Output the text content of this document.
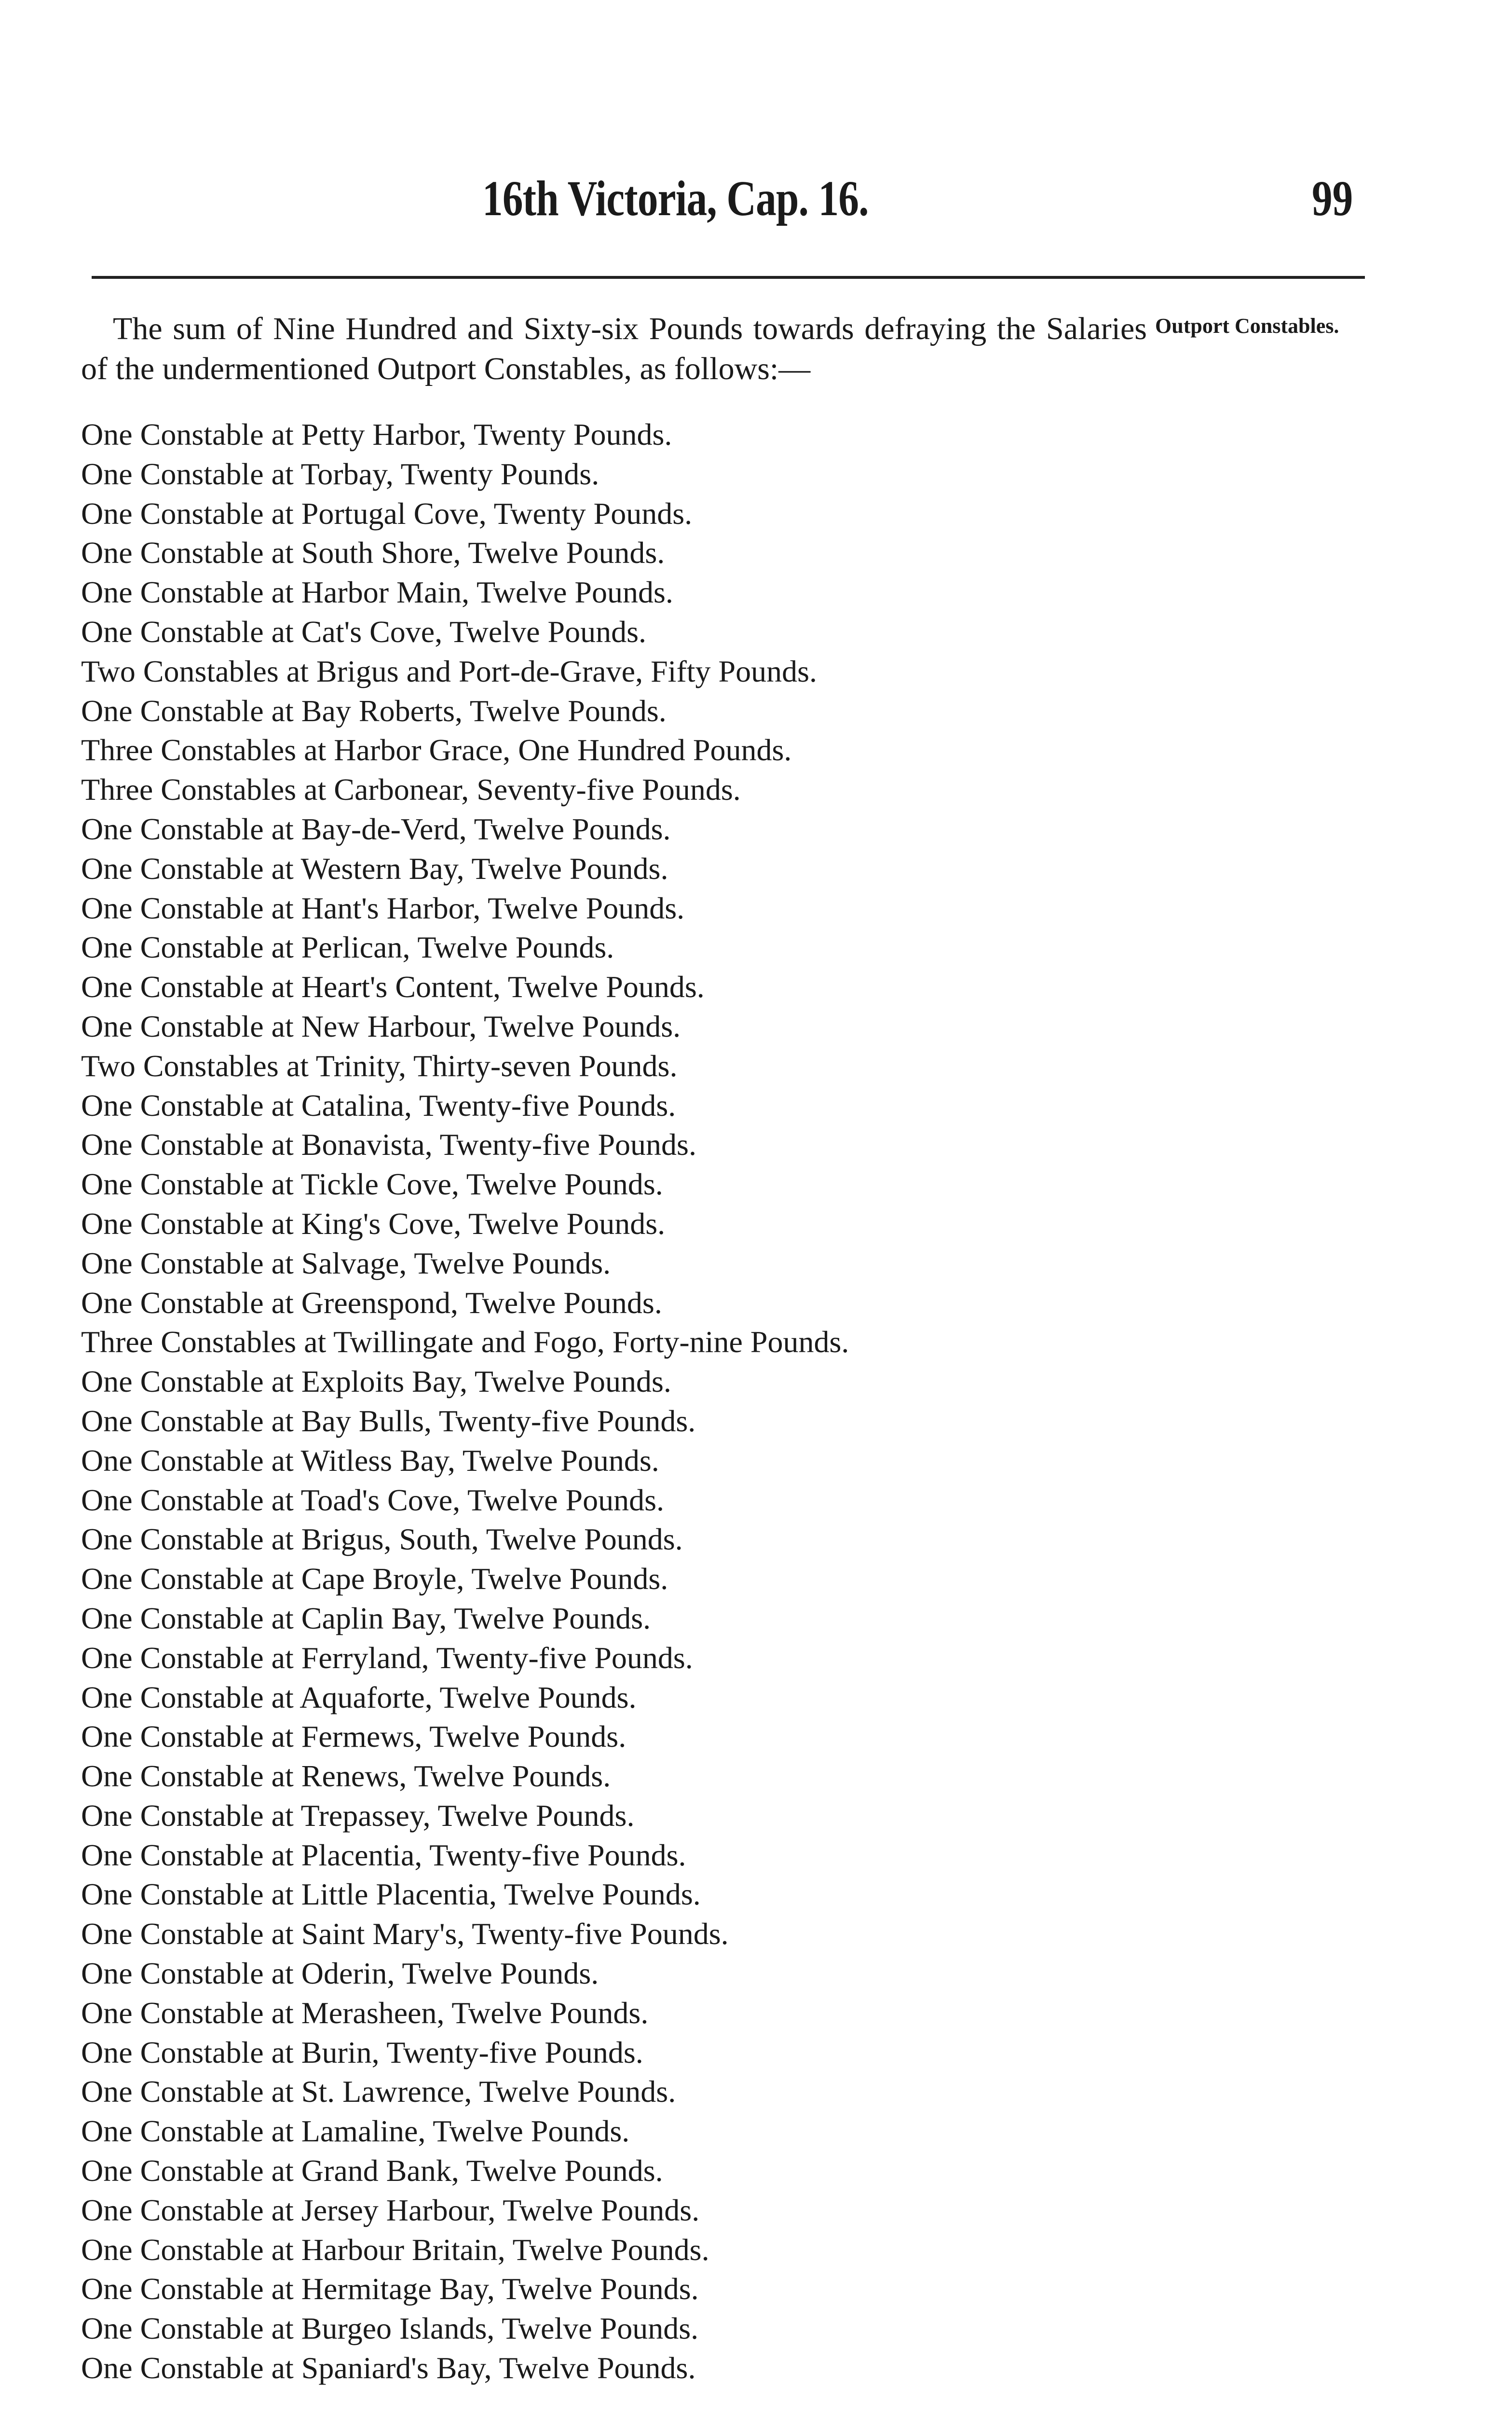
16th Victoria, Cap. 16.	99
The sum of Nine Hundred and Sixty-six Pounds towards defraying the Salaries of the undermentioned Outport Constables, as follows:—
Outport Constables.
One Constable at Petty Harbor, Twenty Pounds.
One Constable at Torbay, Twenty Pounds.
One Constable at Portugal Cove, Twenty Pounds.
One Constable at South Shore, Twelve Pounds.
One Constable at Harbor Main, Twelve Pounds.
One Constable at Cat's Cove, Twelve Pounds.
Two Constables at Brigus and Port-de-Grave, Fifty Pounds.
One Constable at Bay Roberts, Twelve Pounds.
Three Constables at Harbor Grace, One Hundred Pounds.
Three Constables at Carbonear, Seventy-five Pounds.
One Constable at Bay-de-Verd, Twelve Pounds.
One Constable at Western Bay, Twelve Pounds.
One Constable at Hant's Harbor, Twelve Pounds.
One Constable at Perlican, Twelve Pounds.
One Constable at Heart's Content, Twelve Pounds.
One Constable at New Harbour, Twelve Pounds.
Two Constables at Trinity, Thirty-seven Pounds.
One Constable at Catalina, Twenty-five Pounds.
One Constable at Bonavista, Twenty-five Pounds.
One Constable at Tickle Cove, Twelve Pounds.
One Constable at King's Cove, Twelve Pounds.
One Constable at Salvage, Twelve Pounds.
One Constable at Greenspond, Twelve Pounds.
Three Constables at Twillingate and Fogo, Forty-nine Pounds.
One Constable at Exploits Bay, Twelve Pounds.
One Constable at Bay Bulls, Twenty-five Pounds.
One Constable at Witless Bay, Twelve Pounds.
One Constable at Toad's Cove, Twelve Pounds.
One Constable at Brigus, South, Twelve Pounds.
One Constable at Cape Broyle, Twelve Pounds.
One Constable at Caplin Bay, Twelve Pounds.
One Constable at Ferryland, Twenty-five Pounds.
One Constable at Aquaforte, Twelve Pounds.
One Constable at Fermews, Twelve Pounds.
One Constable at Renews, Twelve Pounds.
One Constable at Trepassey, Twelve Pounds.
One Constable at Placentia, Twenty-five Pounds.
One Constable at Little Placentia, Twelve Pounds.
One Constable at Saint Mary's, Twenty-five Pounds.
One Constable at Oderin, Twelve Pounds.
One Constable at Merasheen, Twelve Pounds.
One Constable at Burin, Twenty-five Pounds.
One Constable at St. Lawrence, Twelve Pounds.
One Constable at Lamaline, Twelve Pounds.
One Constable at Grand Bank, Twelve Pounds.
One Constable at Jersey Harbour, Twelve Pounds.
One Constable at Harbour Britain, Twelve Pounds.
One Constable at Hermitage Bay, Twelve Pounds.
One Constable at Burgeo Islands, Twelve Pounds.
One Constable at Spaniard's Bay, Twelve Pounds.
